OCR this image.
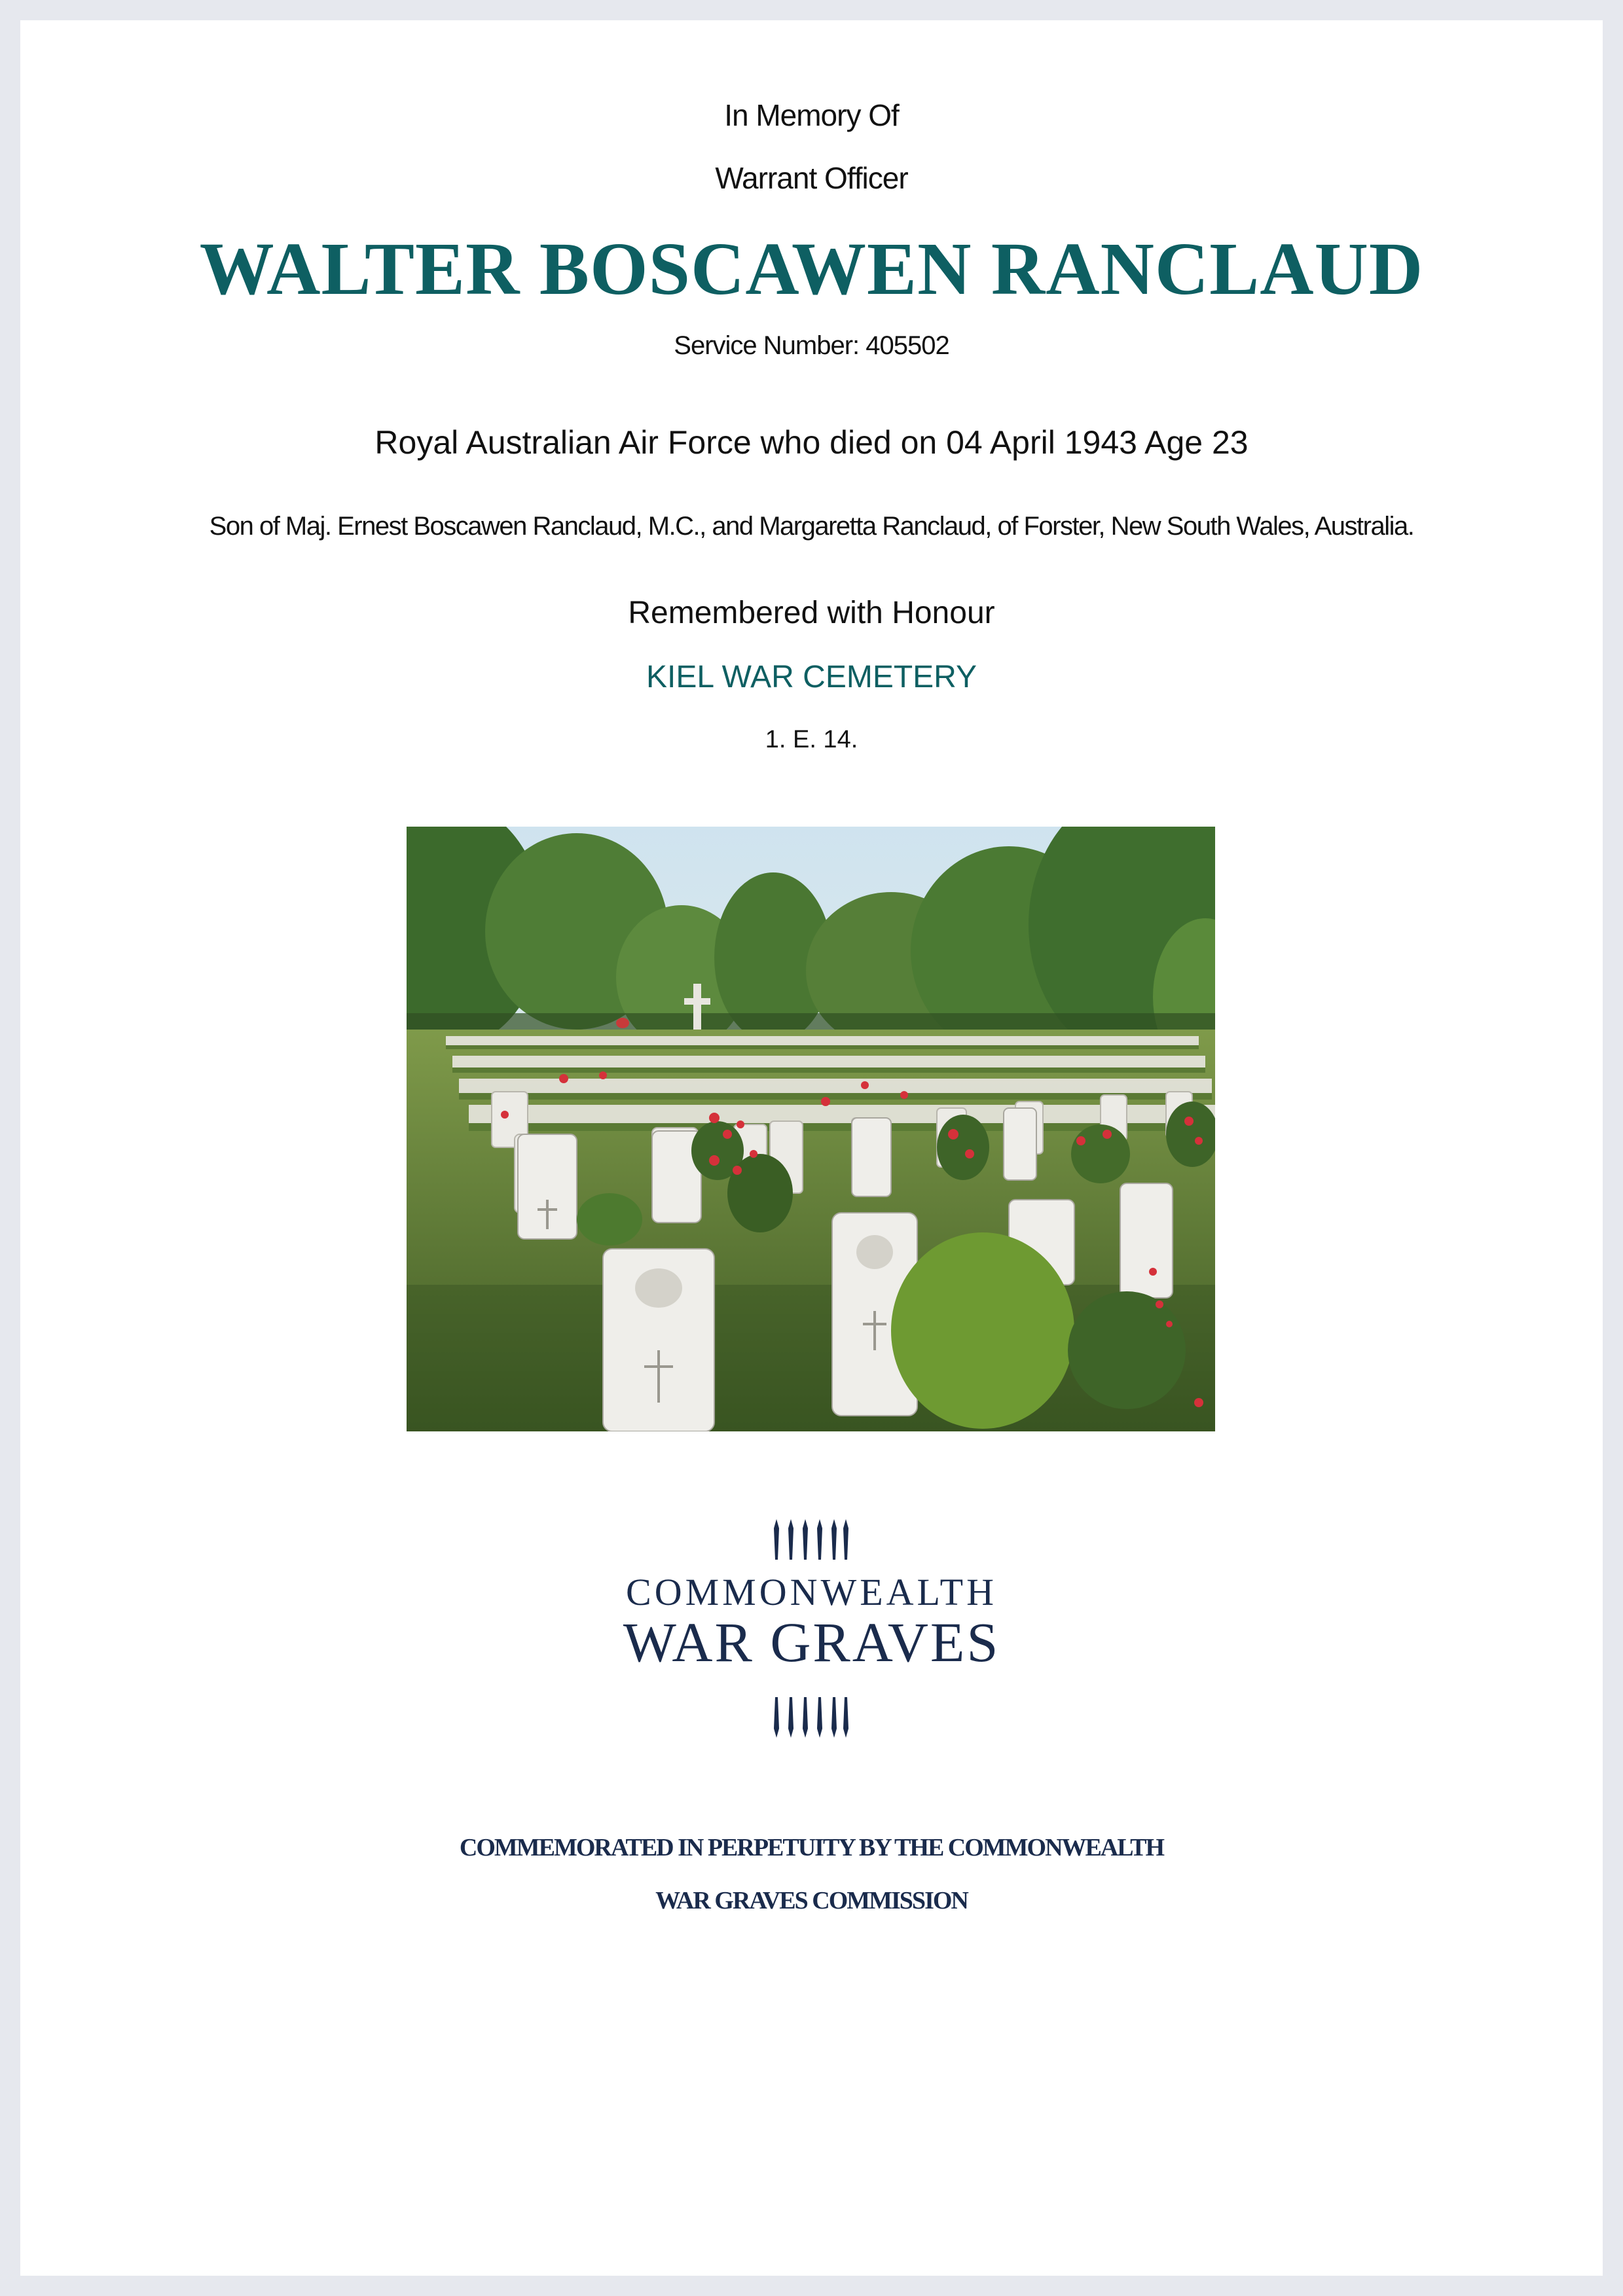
In Memory Of
Warrant Officer
WALTER BOSCAWEN RANCLAUD
Service Number: 405502
Royal Australian Air Force who died on 04 April 1943 Age 23
Son of Maj. Ernest Boscawen Ranclaud, M.C., and Margaretta Ranclaud, of Forster, New South Wales, Australia.
Remembered with Honour
KIEL WAR CEMETERY
1. E. 14.
COMMONWEALTH
WAR GRAVES
COMMEMORATED IN PERPETUITY BY THE COMMONWEALTH
WAR GRAVES COMMISSION
